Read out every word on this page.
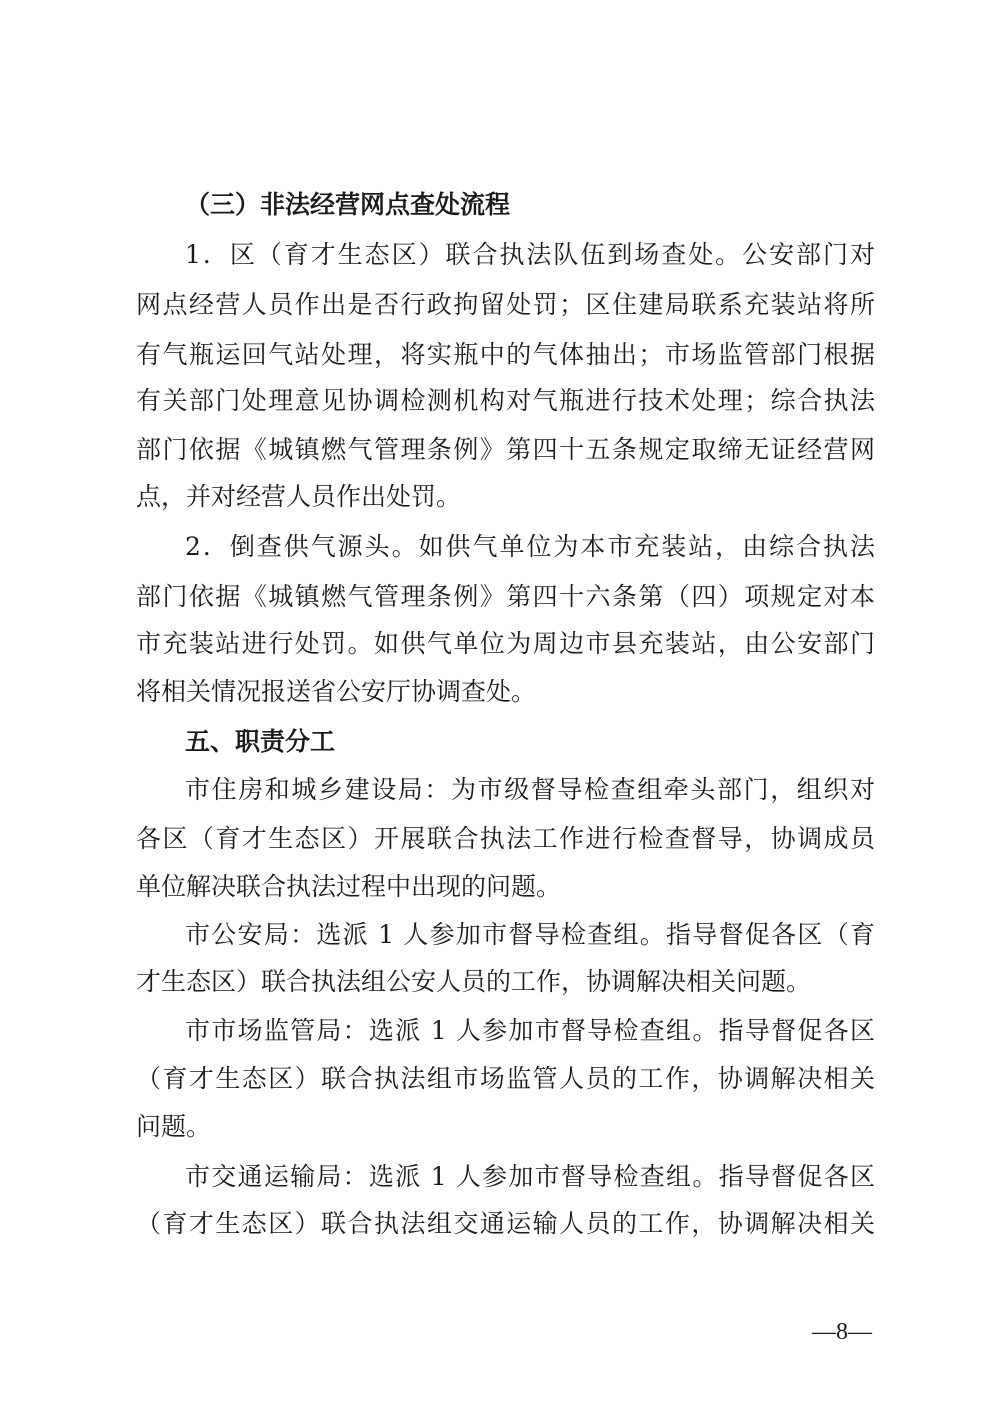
（三）非法经营网点查处流程

1．区（育才生态区）联合执法队伍到场查处。公安部门对

网点经营人员作出是否行政拘留处罚；区住建局联系充装站将所

有气瓶运回气站处理，将实瓶中的气体抽出；市场监管部门根据

有关部门处理意见协调检测机构对气瓶进行技术处理；综合执法

部门依据《城镇燃气管理条例》第四十五条规定取缔无证经营网

点，并对经营人员作出处罚。

2．倒查供气源头。如供气单位为本市充装站，由综合执法

部门依据《城镇燃气管理条例》第四十六条第（四）项规定对本

市充装站进行处罚。如供气单位为周边市县充装站，由公安部门

将相关情况报送省公安厅协调查处。

五、职责分工

市住房和城乡建设局：为市级督导检查组牵头部门，组织对

各区（育才生态区）开展联合执法工作进行检查督导，协调成员

单位解决联合执法过程中出现的问题。

市公安局：选派 1 人参加市督导检查组。指导督促各区（育

才生态区）联合执法组公安人员的工作，协调解决相关问题。

市市场监管局：选派 1 人参加市督导检查组。指导督促各区

（育才生态区）联合执法组市场监管人员的工作，协调解决相关

问题。

市交通运输局：选派 1 人参加市督导检查组。指导督促各区

（育才生态区）联合执法组交通运输人员的工作，协调解决相关

—8—
